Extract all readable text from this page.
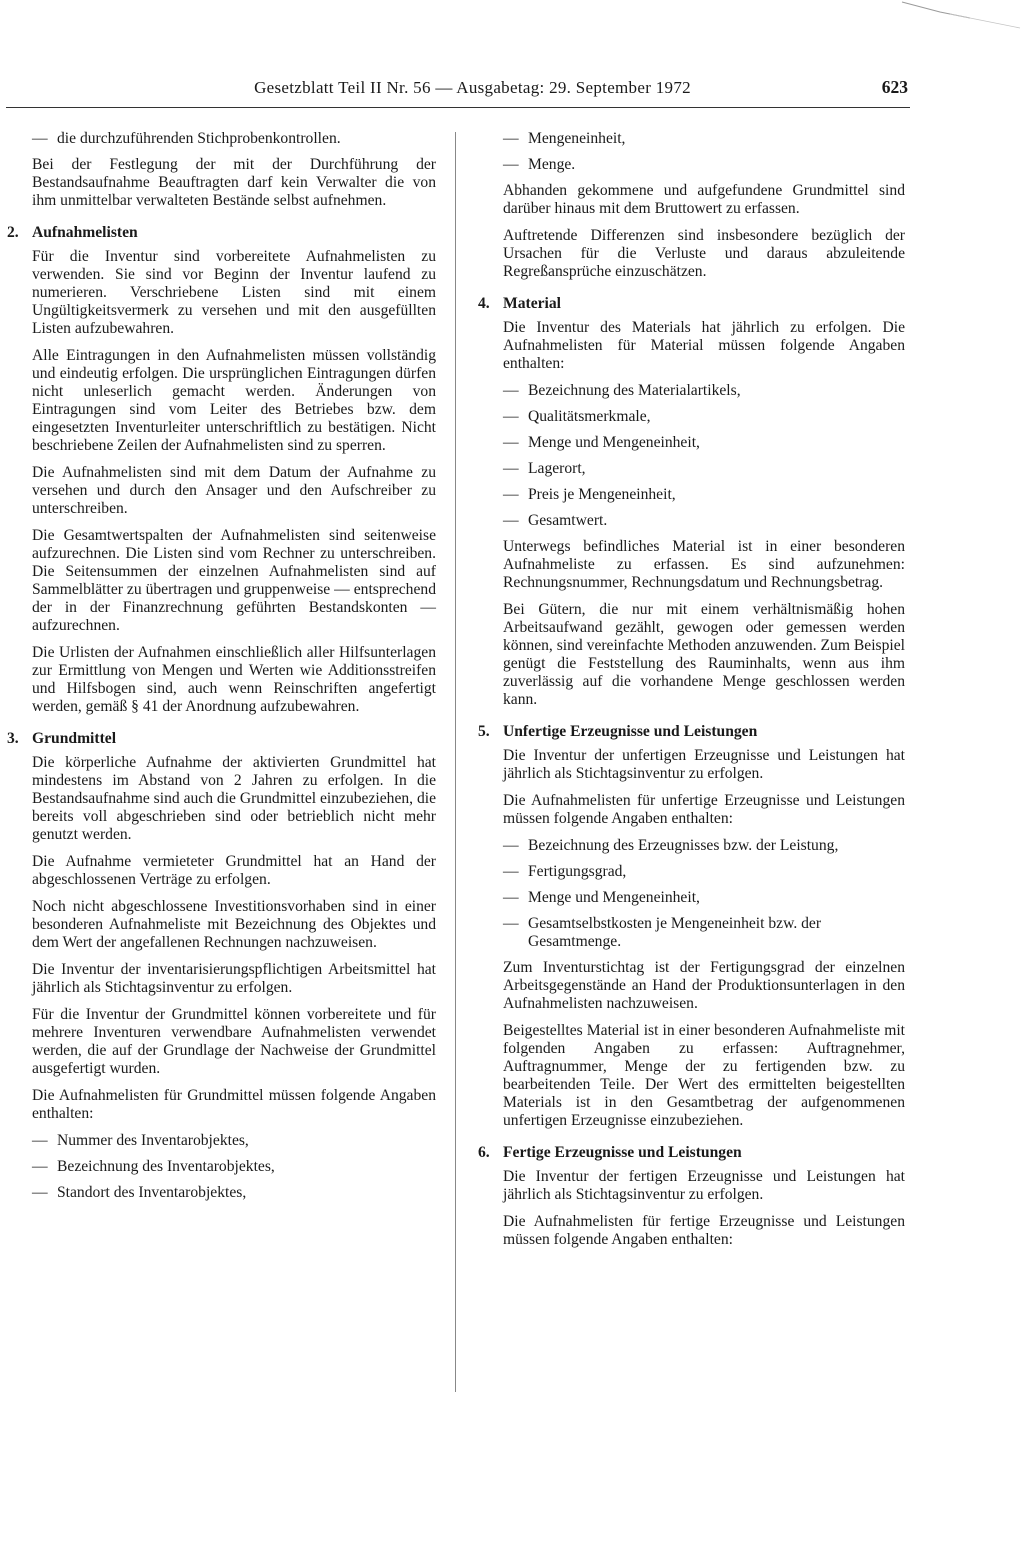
Gesetzblatt Teil II Nr. 56 — Ausgabetag: 29. September 1972	623
— die durchzuführenden Stichprobenkontrollen.

Bei der Festlegung der mit der Durchführung der Bestandsaufnahme Beauftragten darf kein Verwalter die von ihm unmittelbar verwalteten Bestände selbst aufnehmen.

2. Aufnahmelisten

Für die Inventur sind vorbereitete Aufnahmelisten zu verwenden. Sie sind vor Beginn der Inventur laufend zu numerieren. Verschriebene Listen sind mit einem Ungültigkeitsvermerk zu versehen und mit den ausgefüllten Listen aufzubewahren.

Alle Eintragungen in den Aufnahmelisten müssen vollständig und eindeutig erfolgen. Die ursprünglichen Eintragungen dürfen nicht unleserlich gemacht werden. Änderungen von Eintragungen sind vom Leiter des Betriebes bzw. dem eingesetzten Inventurleiter unterschriftlich zu bestätigen. Nicht beschriebene Zeilen der Aufnahmelisten sind zu sperren.

Die Aufnahmelisten sind mit dem Datum der Aufnahme zu versehen und durch den Ansager und den Aufschreiber zu unterschreiben.

Die Gesamtwertspalten der Aufnahmelisten sind seitenweise aufzurechnen. Die Listen sind vom Rechner zu unterschreiben. Die Seitensummen der einzelnen Aufnahmelisten sind auf Sammelblätter zu übertragen und gruppenweise — entsprechend der in der Finanzrechnung geführten Bestandskonten — aufzurechnen.

Die Urlisten der Aufnahmen einschließlich aller Hilfsunterlagen zur Ermittlung von Mengen und Werten wie Additionsstreifen und Hilfsbogen sind, auch wenn Reinschriften angefertigt werden, gemäß § 41 der Anordnung aufzubewahren.

3. Grundmittel

Die körperliche Aufnahme der aktivierten Grundmittel hat mindestens im Abstand von 2 Jahren zu erfolgen. In die Bestandsaufnahme sind auch die Grundmittel einzubeziehen, die bereits voll abgeschrieben sind oder betrieblich nicht mehr genutzt werden.

Die Aufnahme vermieteter Grundmittel hat an Hand der abgeschlossenen Verträge zu erfolgen.

Noch nicht abgeschlossene Investitionsvorhaben sind in einer besonderen Aufnahmeliste mit Bezeichnung des Objektes und dem Wert der angefallenen Rechnungen nachzuweisen.

Die Inventur der inventarisierungspflichtigen Arbeitsmittel hat jährlich als Stichtagsinventur zu erfolgen.

Für die Inventur der Grundmittel können vorbereitete und für mehrere Inventuren verwendbare Aufnahmelisten verwendet werden, die auf der Grundlage der Nachweise der Grundmittel ausgefertigt wurden.

Die Aufnahmelisten für Grundmittel müssen folgende Angaben enthalten:

— Nummer des Inventarobjektes,
— Bezeichnung des Inventarobjektes,
— Standort des Inventarobjektes,
— Mengeneinheit,
— Menge.

Abhanden gekommene und aufgefundene Grundmittel sind darüber hinaus mit dem Bruttowert zu erfassen.

Auftretende Differenzen sind insbesondere bezüglich der Ursachen für die Verluste und daraus abzuleitende Regreßansprüche einzuschätzen.

4. Material

Die Inventur des Materials hat jährlich zu erfolgen. Die Aufnahmelisten für Material müssen folgende Angaben enthalten:

— Bezeichnung des Materialartikels,
— Qualitätsmerkmale,
— Menge und Mengeneinheit,
— Lagerort,
— Preis je Mengeneinheit,
— Gesamtwert.

Unterwegs befindliches Material ist in einer besonderen Aufnahmeliste zu erfassen. Es sind aufzunehmen: Rechnungsnummer, Rechnungsdatum und Rechnungsbetrag.

Bei Gütern, die nur mit einem verhältnismäßig hohen Arbeitsaufwand gezählt, gewogen oder gemessen werden können, sind vereinfachte Methoden anzuwenden. Zum Beispiel genügt die Feststellung des Rauminhalts, wenn aus ihm zuverlässig auf die vorhandene Menge geschlossen werden kann.

5. Unfertige Erzeugnisse und Leistungen

Die Inventur der unfertigen Erzeugnisse und Leistungen hat jährlich als Stichtagsinventur zu erfolgen.

Die Aufnahmelisten für unfertige Erzeugnisse und Leistungen müssen folgende Angaben enthalten:

— Bezeichnung des Erzeugnisses bzw. der Leistung,
— Fertigungsgrad,
— Menge und Mengeneinheit,
— Gesamtselbstkosten je Mengeneinheit bzw. der Gesamtmenge.

Zum Inventurstichtag ist der Fertigungsgrad der einzelnen Arbeitsgegenstände an Hand der Produktionsunterlagen in den Aufnahmelisten nachzuweisen.

Beigestelltes Material ist in einer besonderen Aufnahmeliste mit folgenden Angaben zu erfassen: Auftragnehmer, Auftragnummer, Menge der zu fertigenden bzw. zu bearbeitenden Teile. Der Wert des ermittelten beigestellten Materials ist in den Gesamtbetrag der aufgenommenen unfertigen Erzeugnisse einzubeziehen.

6. Fertige Erzeugnisse und Leistungen

Die Inventur der fertigen Erzeugnisse und Leistungen hat jährlich als Stichtagsinventur zu erfolgen.

Die Aufnahmelisten für fertige Erzeugnisse und Leistungen müssen folgende Angaben enthalten:
